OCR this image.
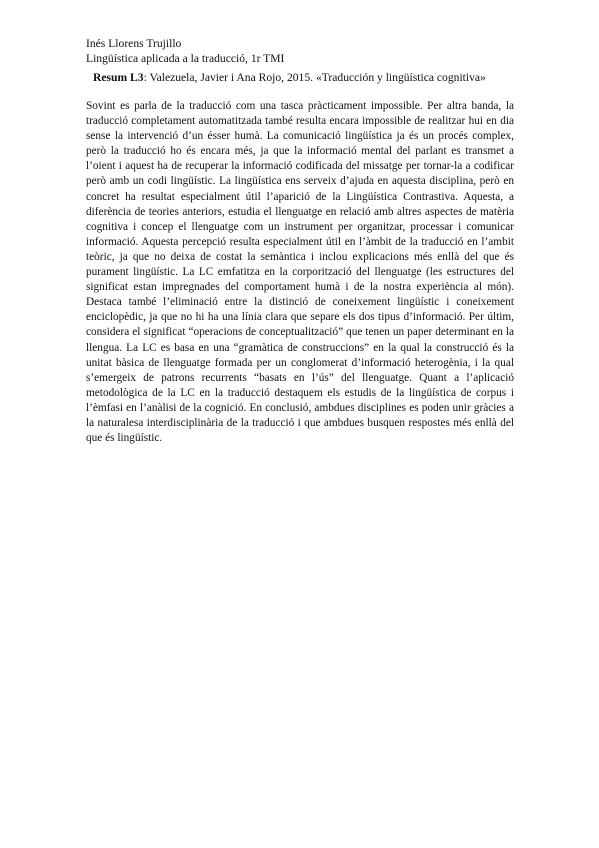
Inés Llorens Trujillo
Lingüística aplicada a la traducció, 1r TMI
Resum L3: Valezuela, Javier i Ana Rojo, 2015. «Traducción y lingüística cognitiva»

Sovint es parla de la traducció com una tasca pràcticament impossible. Per altra banda, la traducció completament automatitzada també resulta encara impossible de realitzar hui en dia sense la intervenció d’un ésser humà. La comunicació lingüística ja és un procés complex, però la traducció ho és encara més, ja que la informació mental del parlant es transmet a l’oient i aquest ha de recuperar la informació codificada del missatge per tornar-la a codificar però amb un codi lingüístic. La lingüística ens serveix d’ajuda en aquesta disciplina, però en concret ha resultat especialment útil l’aparició de la Lingüística Contrastiva. Aquesta, a diferència de teories anteriors, estudia el llenguatge en relació amb altres aspectes de matèria cognitiva i concep el llenguatge com un instrument per organitzar, processar i comunicar informació. Aquesta percepció resulta especialment útil en l’àmbit de la traducció en l’ambit teòric, ja que no deixa de costat la semàntica i inclou explicacions més enllà del que és purament lingüístic. La LC emfatitza en la corporització del llenguatge (les estructures del significat estan impregnades del comportament humà i de la nostra experiència al món). Destaca també l’eliminació entre la distinció de coneixement lingüístic i coneixement enciclopèdic, ja que no hi ha una línia clara que separe els dos tipus d’informació. Per últim, considera el significat “operacions de conceptualització” que tenen un paper determinant en la llengua. La LC es basa en una “gramàtica de construccions” en la qual la construcció és la unitat bàsica de llenguatge formada per un conglomerat d’informació heterogènia, i la qual s’emergeix de patrons recurrents “basats en l’ús” del llenguatge. Quant a l’aplicació metodològica de la LC en la traducció destaquem els estudis de la lingüística de corpus i l’èmfasi en l’anàlisi de la cognició. En conclusió, ambdues disciplines es poden unir gràcies a la naturalesa interdisciplinària de la traducció i que ambdues busquen respostes més enllà del que és lingüístic.
